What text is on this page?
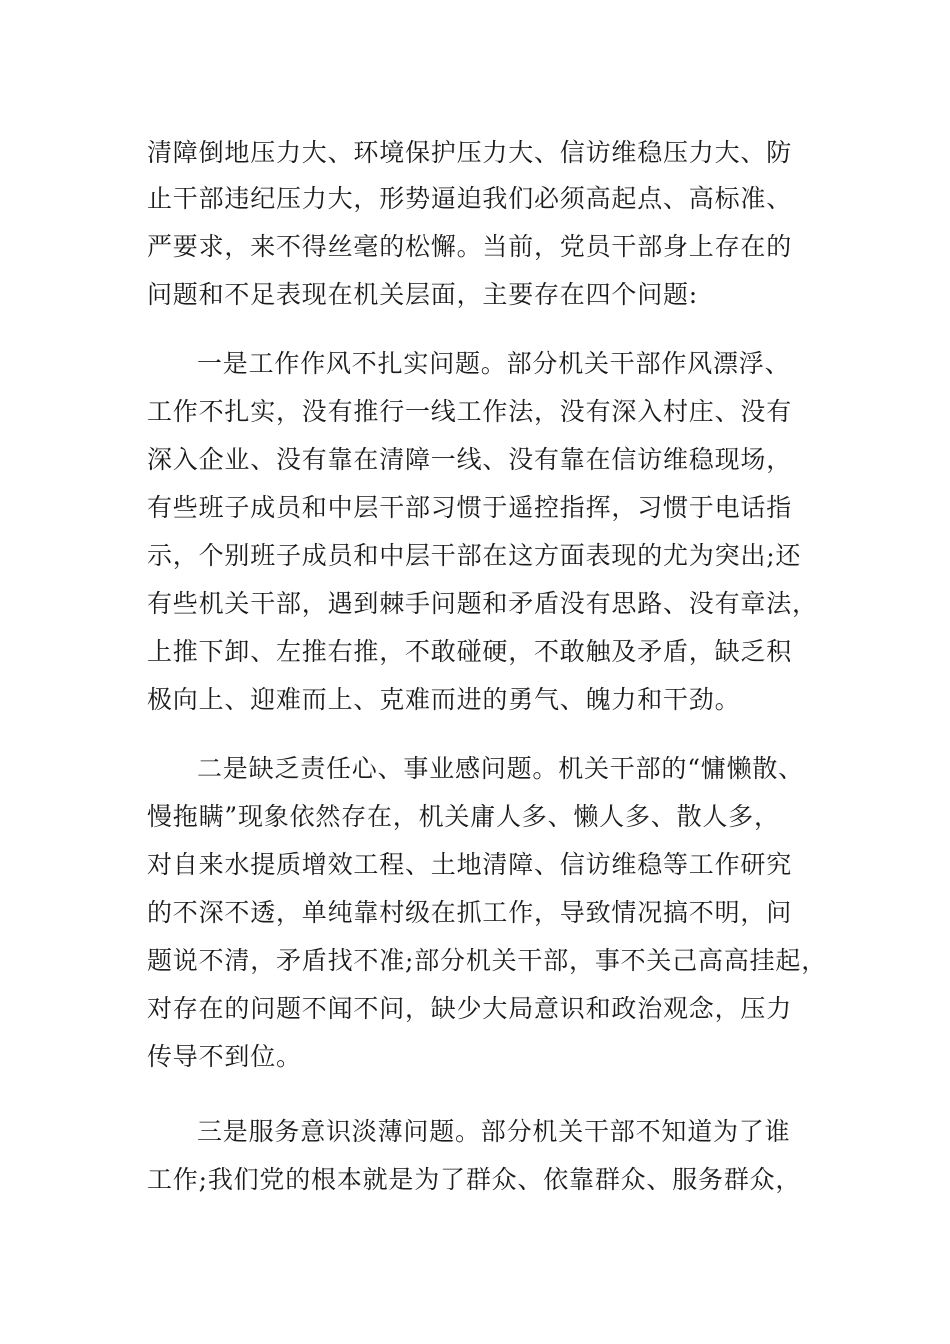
清障倒地压力大、环境保护压力大、信访维稳压力大、防
止干部违纪压力大，形势逼迫我们必须高起点、高标准、
严要求，来不得丝毫的松懈。当前，党员干部身上存在的
问题和不足表现在机关层面，主要存在四个问题:
一是工作作风不扎实问题。部分机关干部作风漂浮、
工作不扎实，没有推行一线工作法，没有深入村庄、没有
深入企业、没有靠在清障一线、没有靠在信访维稳现场，
有些班子成员和中层干部习惯于遥控指挥，习惯于电话指
示，个别班子成员和中层干部在这方面表现的尤为突出;还
有些机关干部，遇到棘手问题和矛盾没有思路、没有章法，
上推下卸、左推右推，不敢碰硬，不敢触及矛盾，缺乏积
极向上、迎难而上、克难而进的勇气、魄力和干劲。
二是缺乏责任心、事业感问题。机关干部的“慵懒散、
慢拖瞒”现象依然存在，机关庸人多、懒人多、散人多，
对自来水提质增效工程、土地清障、信访维稳等工作研究
的不深不透，单纯靠村级在抓工作，导致情况搞不明，问
题说不清，矛盾找不准;部分机关干部，事不关己高高挂起，
对存在的问题不闻不问，缺少大局意识和政治观念，压力
传导不到位。
三是服务意识淡薄问题。部分机关干部不知道为了谁
工作;我们党的根本就是为了群众、依靠群众、服务群众，
